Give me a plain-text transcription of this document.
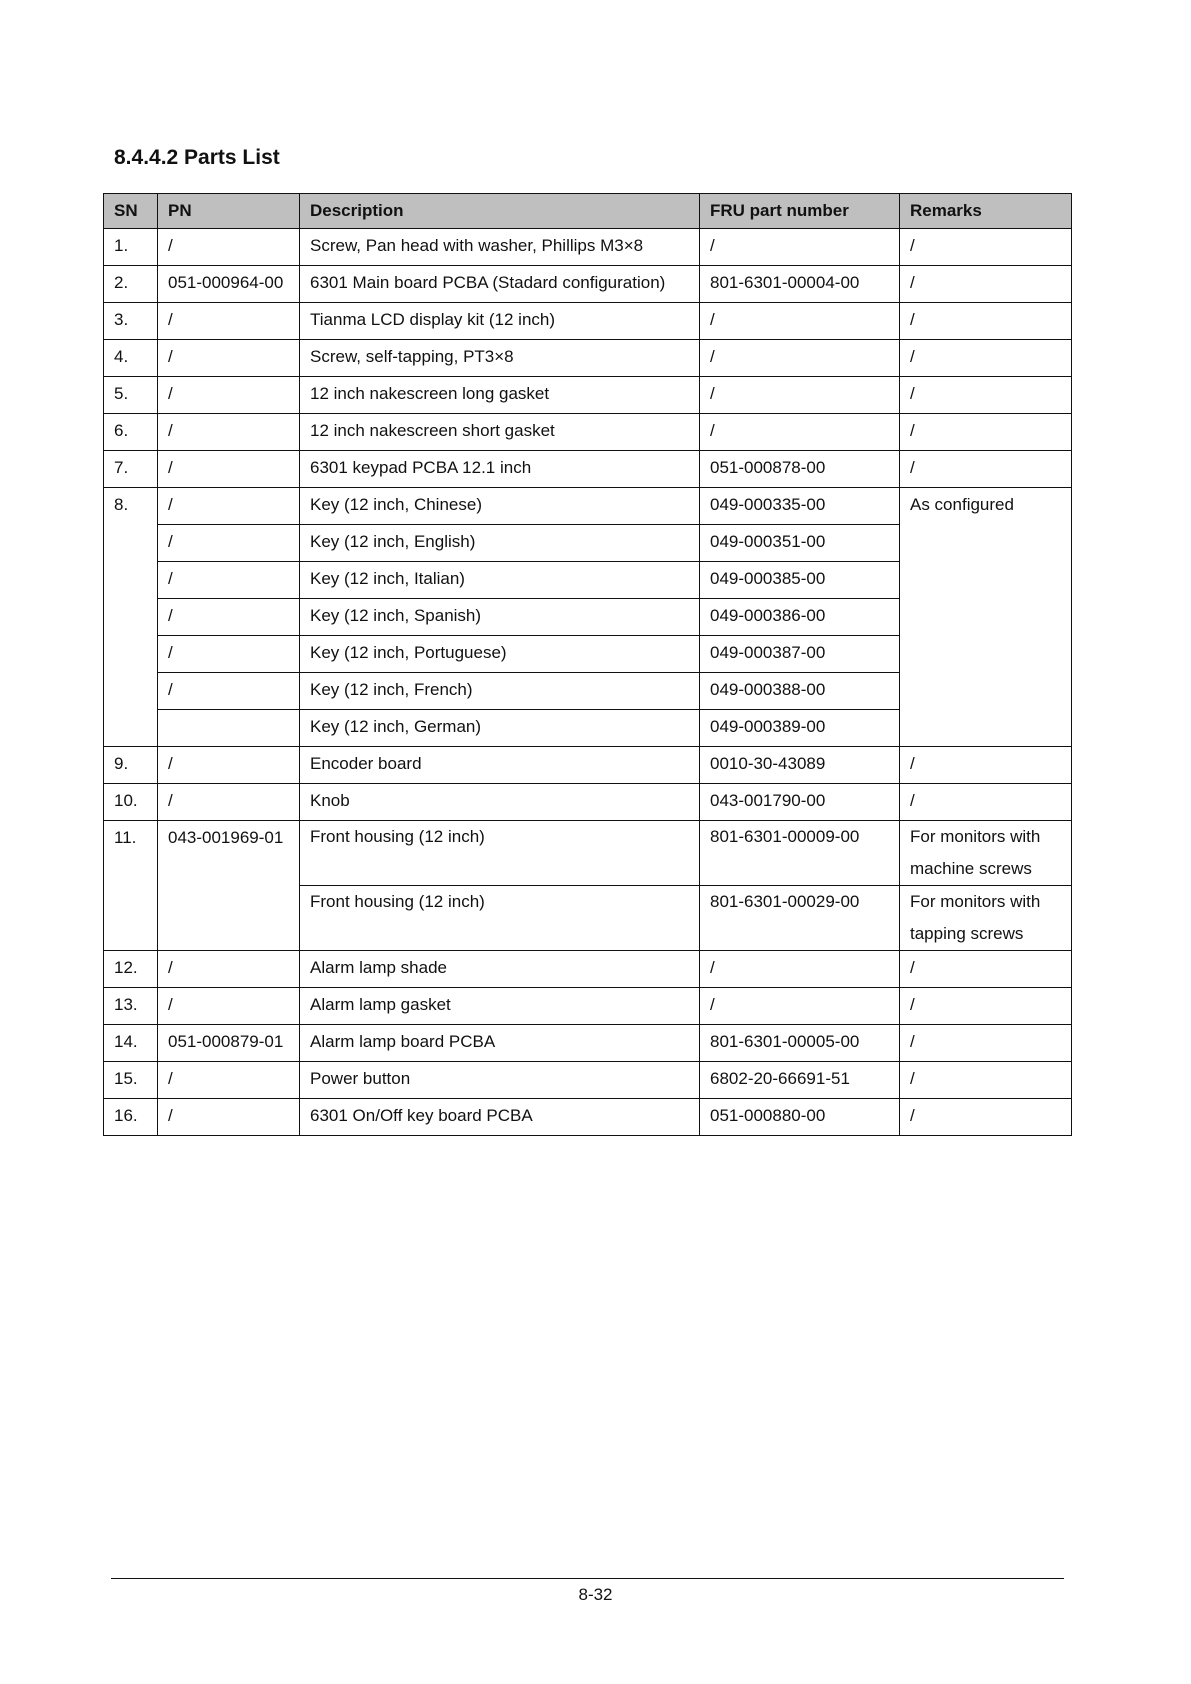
8.4.4.2 Parts List
SN	PN	Description	FRU part number	Remarks
1.	/	Screw, Pan head with washer, Phillips M3×8	/	/
2.	051-000964-00	6301 Main board PCBA (Stadard configuration)	801-6301-00004-00	/
3.	/	Tianma LCD display kit (12 inch)	/	/
4.	/	Screw, self-tapping, PT3×8	/	/
5.	/	12 inch nakescreen long gasket	/	/
6.	/	12 inch nakescreen short gasket	/	/
7.	/	6301 keypad PCBA 12.1 inch	051-000878-00	/
8.	/	Key (12 inch, Chinese)	049-000335-00	As configured
	/	Key (12 inch, English)	049-000351-00	
	/	Key (12 inch, Italian)	049-000385-00	
	/	Key (12 inch, Spanish)	049-000386-00	
	/	Key (12 inch, Portuguese)	049-000387-00	
	/	Key (12 inch, French)	049-000388-00	
		Key (12 inch, German)	049-000389-00	
9.	/	Encoder board	0010-30-43089	/
10.	/	Knob	043-001790-00	/
11.	043-001969-01	Front housing (12 inch)	801-6301-00009-00	For monitors with machine screws
		Front housing (12 inch)	801-6301-00029-00	For monitors with tapping screws
12.	/	Alarm lamp shade	/	/
13.	/	Alarm lamp gasket	/	/
14.	051-000879-01	Alarm lamp board PCBA	801-6301-00005-00	/
15.	/	Power button	6802-20-66691-51	/
16.	/	6301 On/Off key board PCBA	051-000880-00	/
8-32
